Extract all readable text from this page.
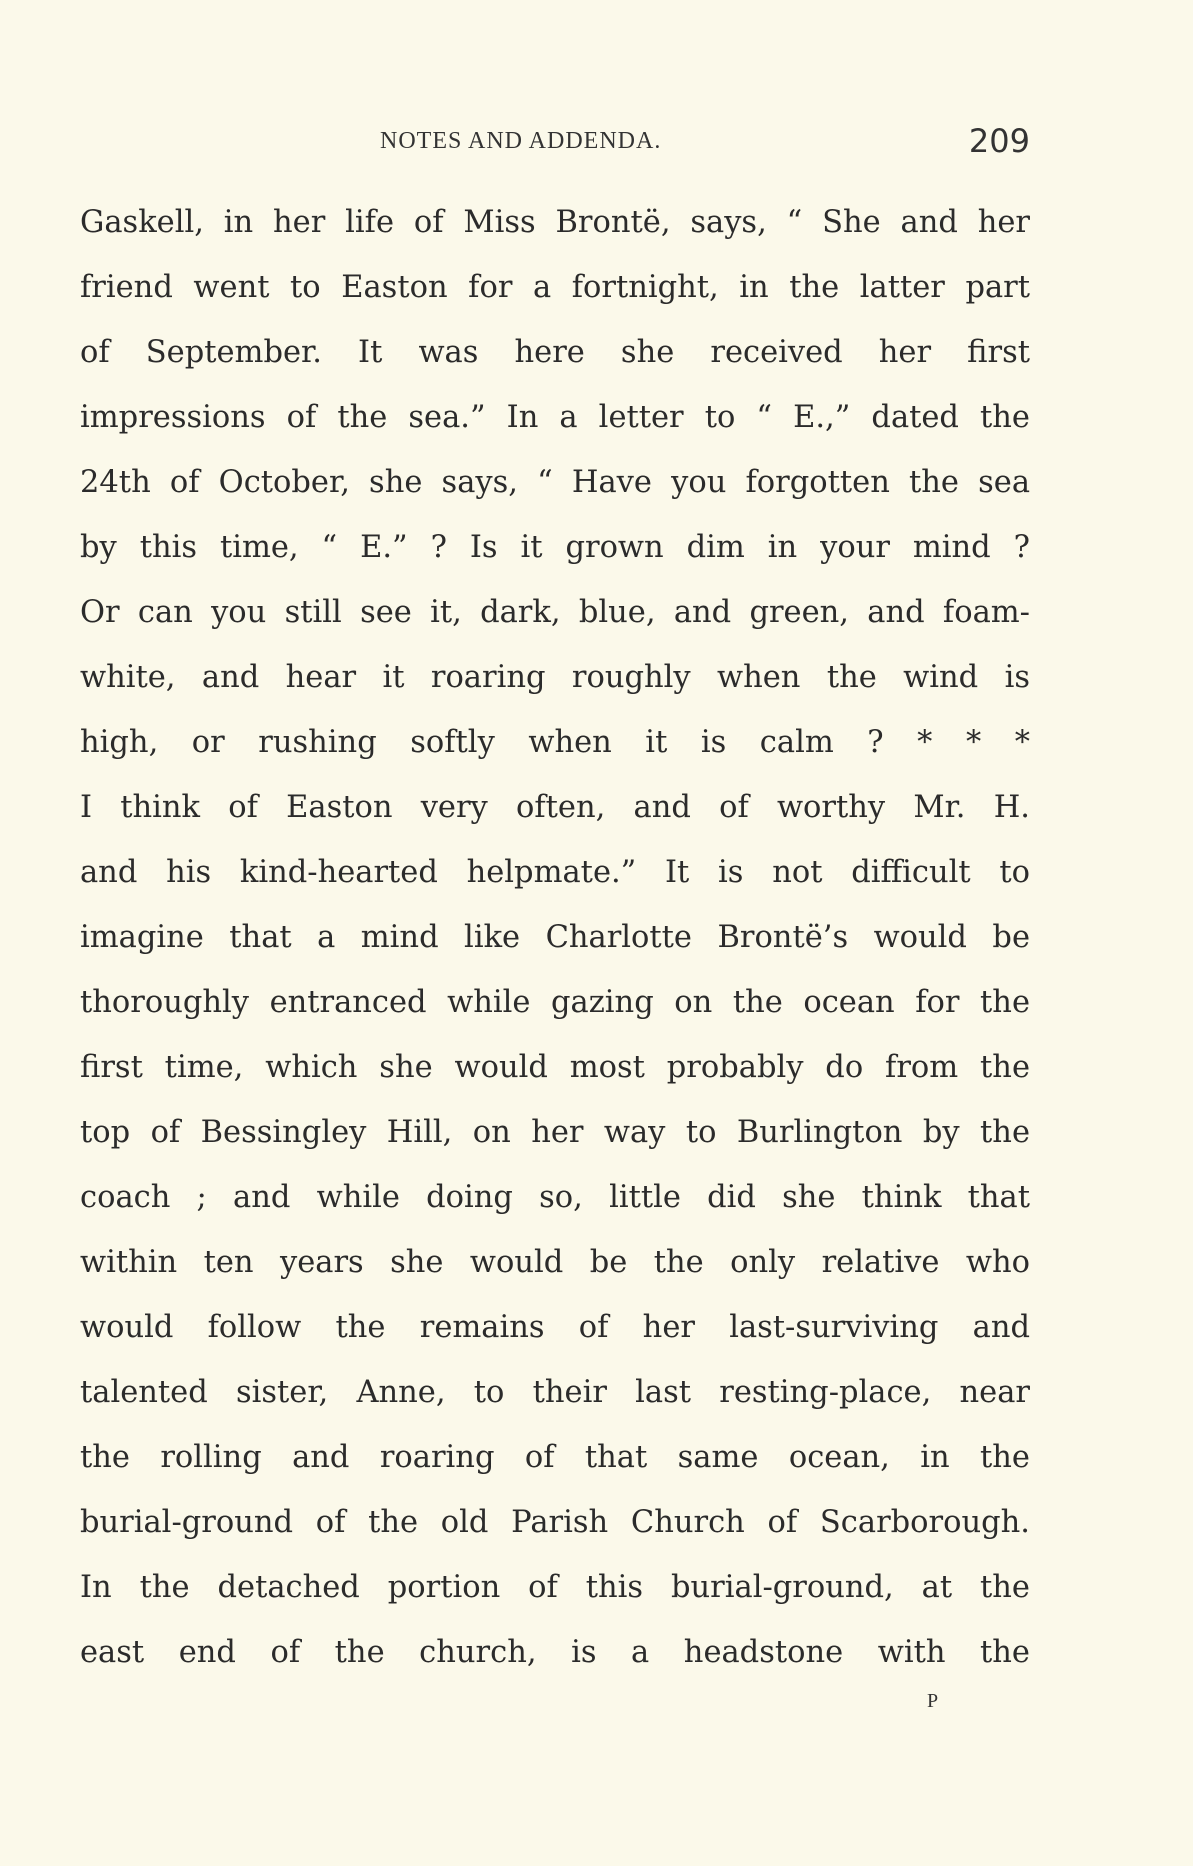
NOTES AND ADDENDA.	209
Gaskell, in her life of Miss Brontë, says, “ She and her
friend went to Easton for a fortnight, in the latter part
of September. It was here she received her first
impressions of the sea.” In a letter to “ E.,” dated the
24th of October, she says, “ Have you forgotten the sea
by this time, “ E.” ? Is it grown dim in your mind ?
Or can you still see it, dark, blue, and green, and foam-
white, and hear it roaring roughly when the wind is
high, or rushing softly when it is calm ? * * *
I think of Easton very often, and of worthy Mr. H.
and his kind-hearted helpmate.” It is not difficult to
imagine that a mind like Charlotte Brontë’s would be
thoroughly entranced while gazing on the ocean for the
first time, which she would most probably do from the
top of Bessingley Hill, on her way to Burlington by the
coach ; and while doing so, little did she think that
within ten years she would be the only relative who
would follow the remains of her last-surviving and
talented sister, Anne, to their last resting-place, near
the rolling and roaring of that same ocean, in the
burial-ground of the old Parish Church of Scarborough.
In the detached portion of this burial-ground, at the
east end of the church, is a headstone with the
P
